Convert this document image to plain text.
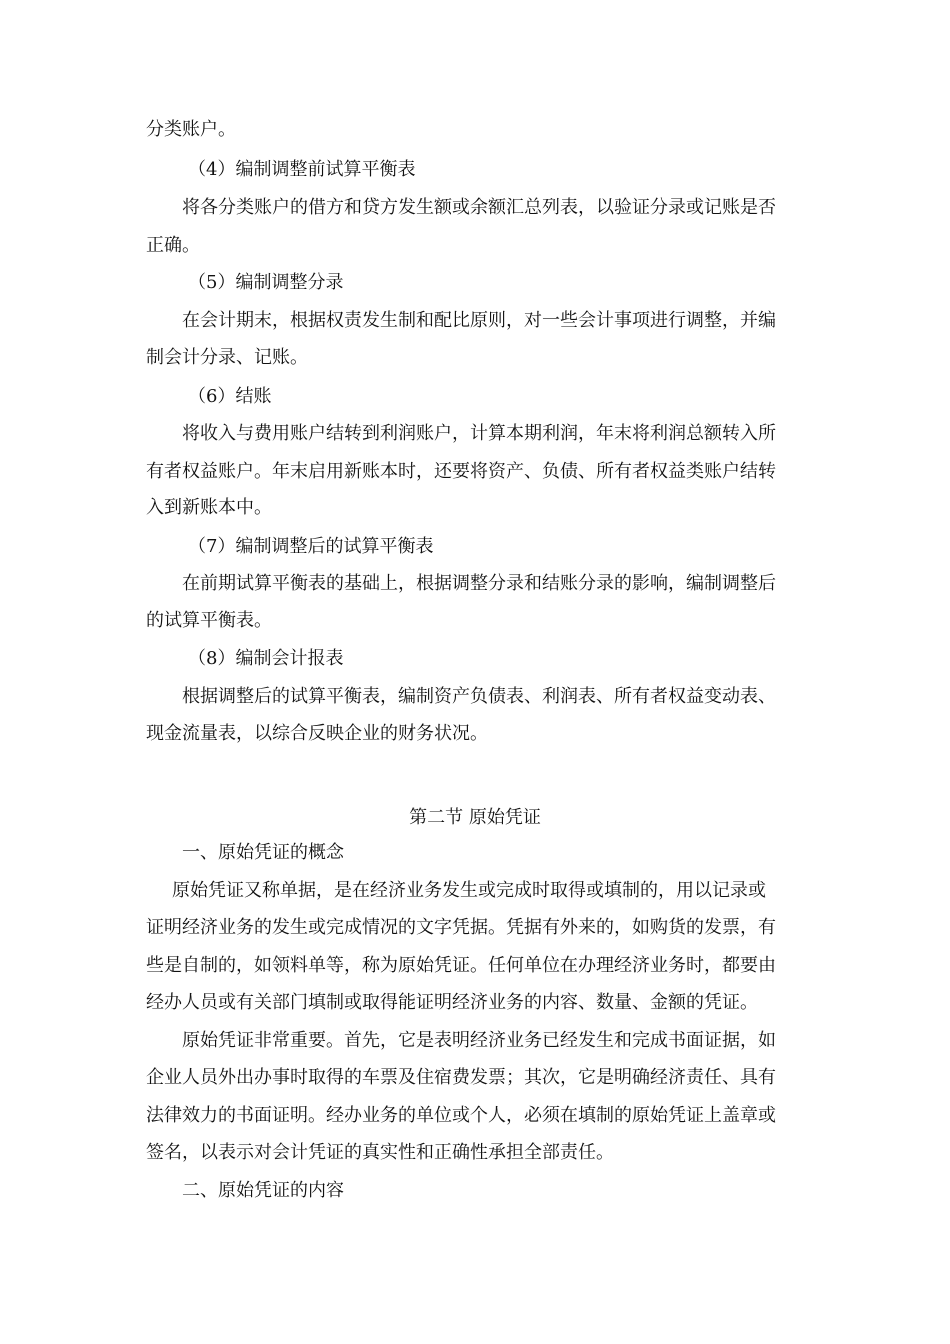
分类账户。
（4）编制调整前试算平衡表
将各分类账户的借方和贷方发生额或余额汇总列表，以验证分录或记账是否
正确。
（5）编制调整分录
在会计期末，根据权责发生制和配比原则，对一些会计事项进行调整，并编
制会计分录、记账。
（6）结账
将收入与费用账户结转到利润账户，计算本期利润，年末将利润总额转入所
有者权益账户。年末启用新账本时，还要将资产、负债、所有者权益类账户结转
入到新账本中。
（7）编制调整后的试算平衡表
在前期试算平衡表的基础上，根据调整分录和结账分录的影响，编制调整后
的试算平衡表。
（8）编制会计报表
根据调整后的试算平衡表，编制资产负债表、利润表、所有者权益变动表、
现金流量表，以综合反映企业的财务状况。
第二节 原始凭证
一、原始凭证的概念
原始凭证又称单据，是在经济业务发生或完成时取得或填制的，用以记录或
证明经济业务的发生或完成情况的文字凭据。凭据有外来的，如购货的发票，有
些是自制的，如领料单等，称为原始凭证。任何单位在办理经济业务时，都要由
经办人员或有关部门填制或取得能证明经济业务的内容、数量、金额的凭证。
原始凭证非常重要。首先，它是表明经济业务已经发生和完成书面证据，如
企业人员外出办事时取得的车票及住宿费发票；其次，它是明确经济责任、具有
法律效力的书面证明。经办业务的单位或个人，必须在填制的原始凭证上盖章或
签名，以表示对会计凭证的真实性和正确性承担全部责任。
二、原始凭证的内容
